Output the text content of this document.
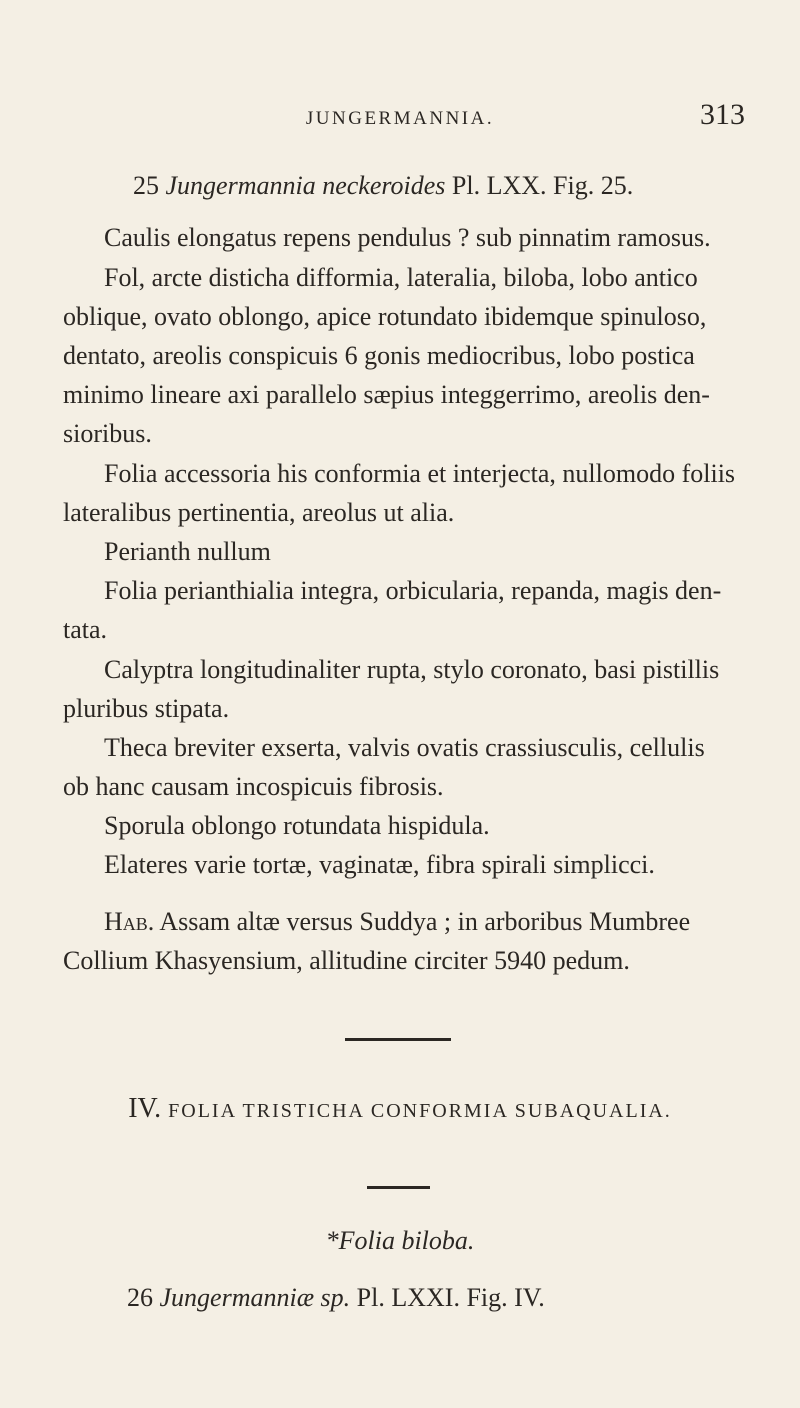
JUNGERMANNIA.	313
25 Jungermannia neckeroides Pl. LXX. Fig. 25.
Caulis elongatus repens pendulus ? sub pinnatim ramosus.
Fol, arcte disticha difformia, lateralia, biloba, lobo antico
oblique, ovato oblongo, apice rotundato ibidemque spinuloso,
dentato, areolis conspicuis 6 gonis mediocribus, lobo postica
minimo lineare axi parallelo sæpius integgerrimo, areolis den-
sioribus.
Folia accessoria his conformia et interjecta, nullomodo foliis
lateralibus pertinentia, areolus ut alia.
Perianth nullum
Folia perianthialia integra, orbicularia, repanda, magis den-
tata.
Calyptra longitudinaliter rupta, stylo coronato, basi pistillis
pluribus stipata.
Theca breviter exserta, valvis ovatis crassiusculis, cellulis
ob hanc causam incospicuis fibrosis.
Sporula oblongo rotundata hispidula.
Elateres varie tortæ, vaginatæ, fibra spirali simplicci.
Hab. Assam altæ versus Suddya ; in arboribus Mumbree
Collium Khasyensium, allitudine circiter 5940 pedum.
IV. FOLIA TRISTICHA CONFORMIA SUBAQUALIA.
*Folia biloba.
26 Jungermanniæ sp. Pl. LXXI. Fig. IV.
